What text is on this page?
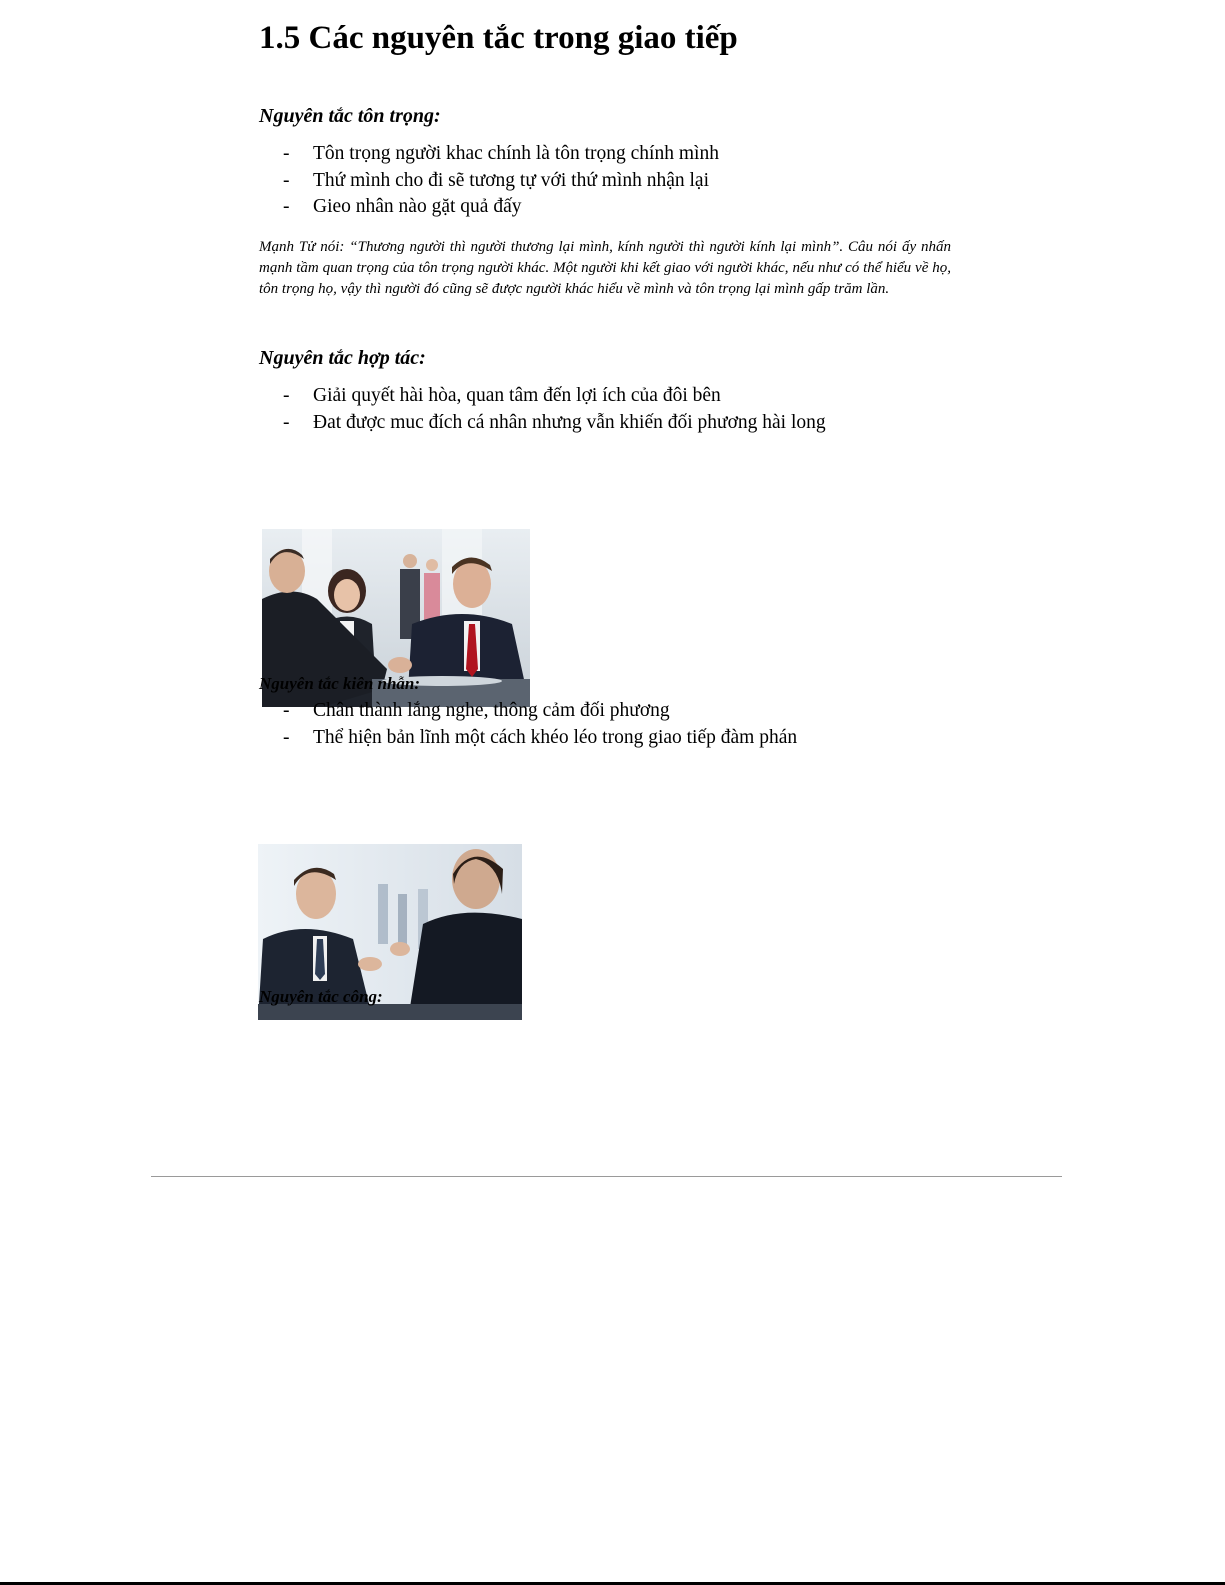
1.5 Các nguyên tắc trong giao tiếp
Nguyên tắc tôn trọng:
- Tôn trọng người khac chính là tôn trọng chính mình
- Thứ mình cho đi sẽ tương tự với thứ mình nhận lại
- Gieo nhân nào gặt quả đấy

Mạnh Tử nói: “Thương người thì người thương lại mình, kính người thì người kính lại mình”. Câu nói ấy nhấn mạnh tầm quan trọng của tôn trọng người khác. Một người khi kết giao với người khác, nếu như có thể hiểu về họ, tôn trọng họ, vậy thì người đó cũng sẽ được người khác hiểu về mình và tôn trọng lại mình gấp trăm lần.

Nguyên tắc hợp tác:
- Giải quyết hài hòa, quan tâm đến lợi ích của đôi bên
- Đat được muc đích cá nhân nhưng vẫn khiến đối phương hài long
Nguyên tắc kiên nhẫn:
- Chân thành lắng nghe, thông cảm đối phương
- Thể hiện bản lĩnh một cách khéo léo trong giao tiếp đàm phán
Nguyên tắc công:
